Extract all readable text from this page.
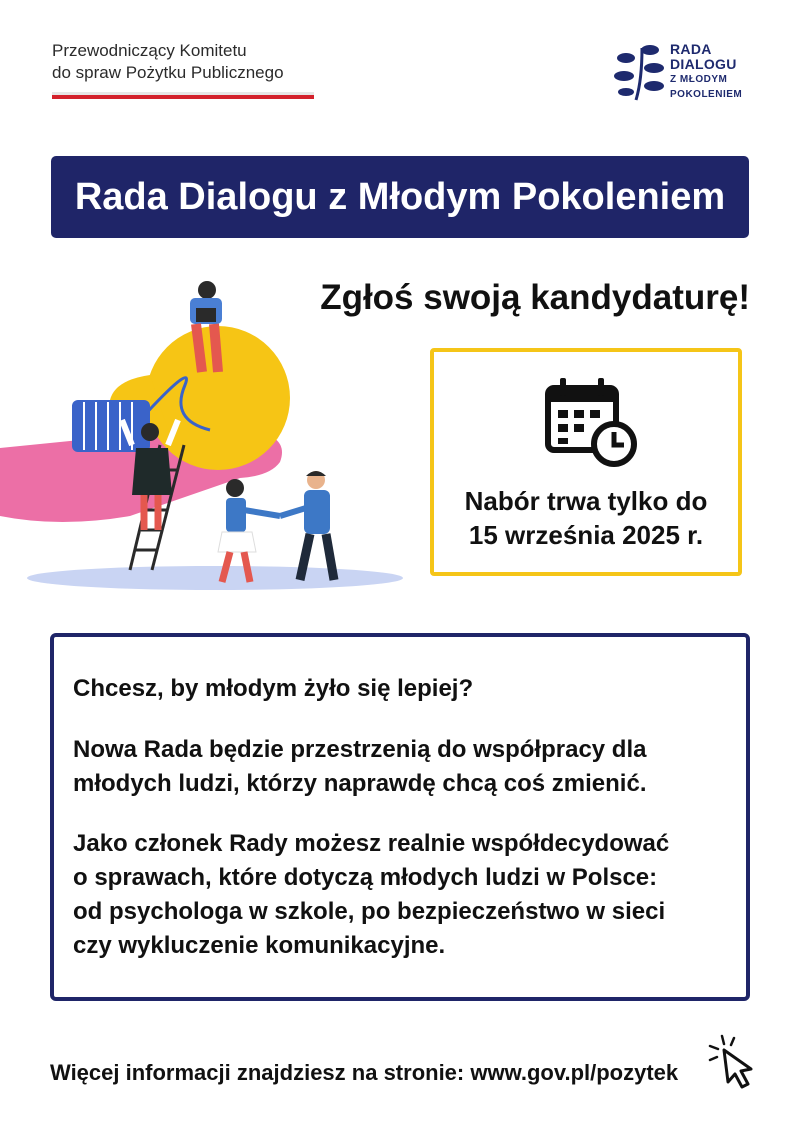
Przewodniczący Komitetu
do spraw Pożytku Publicznego
RADA
DIALOGU
Z MŁODYM
POKOLENIEM
Rada Dialogu z Młodym Pokoleniem
Zgłoś swoją kandydaturę!
Nabór trwa tylko do
15 września 2025 r.
Chcesz, by młodym żyło się lepiej?
Nowa Rada będzie przestrzenią do współpracy dla
młodych ludzi, którzy naprawdę chcą coś zmienić.
Jako członek Rady możesz realnie współdecydować
o sprawach, które dotyczą młodych ludzi w Polsce:
od psychologa w szkole, po bezpieczeństwo w sieci
czy wykluczenie komunikacyjne.
Więcej informacji znajdziesz na stronie: www.gov.pl/pozytek
